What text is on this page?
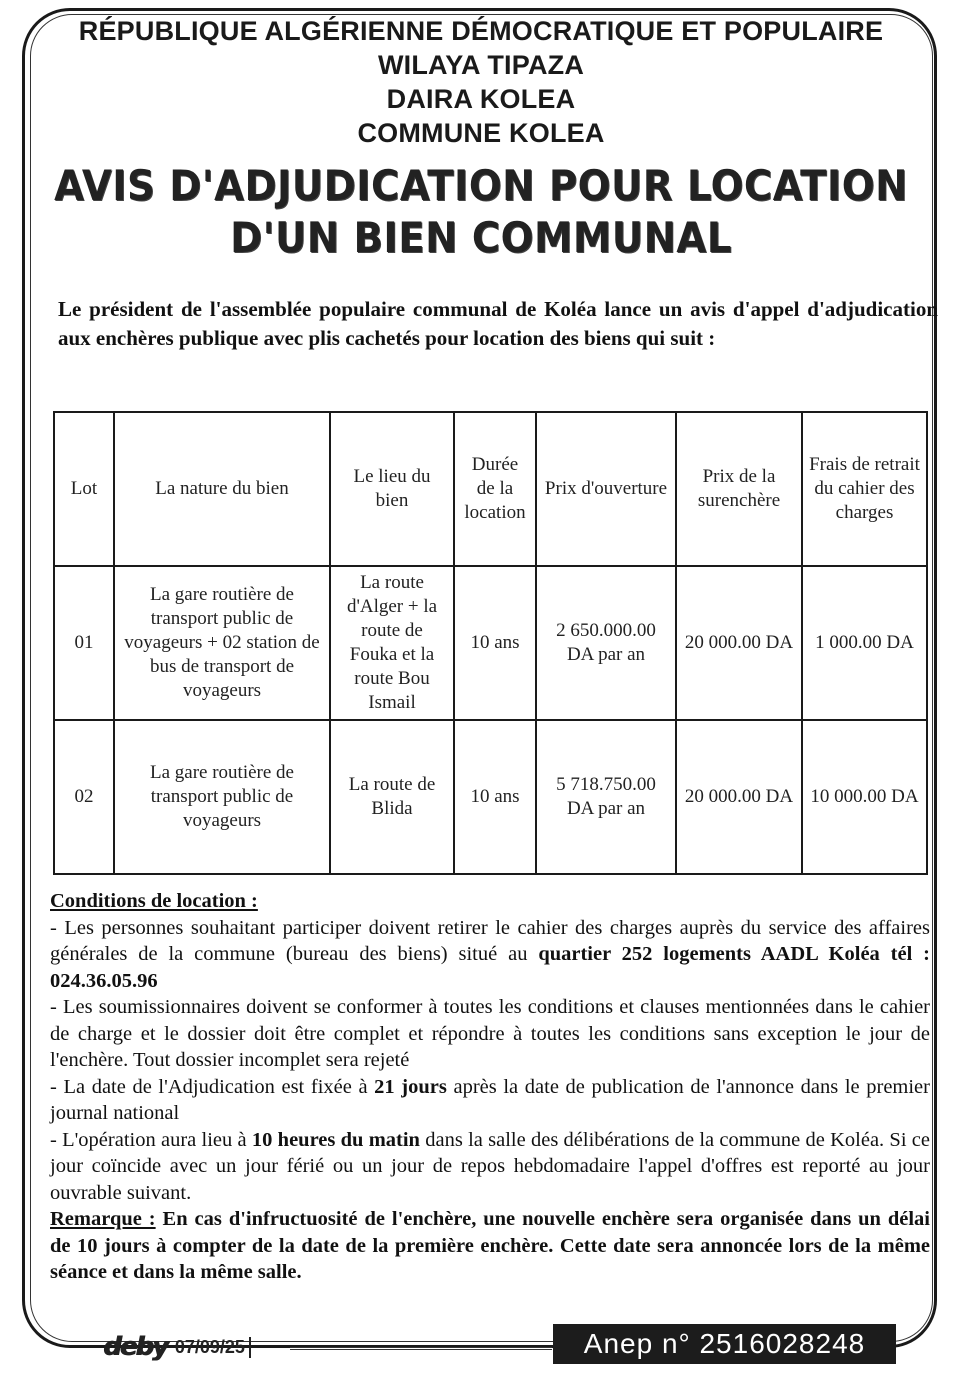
RÉPUBLIQUE ALGÉRIENNE DÉMOCRATIQUE ET POPULAIRE
WILAYA TIPAZA
DAIRA KOLEA
COMMUNE KOLEA
AVIS D'ADJUDICATION POUR LOCATION
D'UN BIEN COMMUNAL
Le président de l'assemblée populaire communal de Koléa lance un avis d'appel d'adjudication aux enchères publique avec plis cachetés pour location des biens qui suit :
Lot	La nature du bien	Le lieu du bien	Durée de la location	Prix d'ouverture	Prix de la surenchère	Frais de retrait du cahier des charges
01	La gare routière de transport public de voyageurs + 02 station de bus de transport de voyageurs	La route d'Alger + la route de Fouka et la route Bou Ismail	10 ans	2 650.000.00 DA par an	20 000.00 DA	1 000.00 DA
02	La gare routière de transport public de voyageurs	La route de Blida	10 ans	5 718.750.00 DA par an	20 000.00 DA	10 000.00 DA
Conditions de location :
- Les personnes souhaitant participer doivent retirer le cahier des charges auprès du service des affaires générales de la commune (bureau des biens) situé au quartier 252 logements AADL Koléa tél : 024.36.05.96
- Les soumissionnaires doivent se conformer à toutes les conditions et clauses mentionnées dans le cahier de charge et le dossier doit être complet et répondre à toutes les conditions sans exception le jour de l'enchère. Tout dossier incomplet sera rejeté
- La date de l'Adjudication est fixée à 21 jours après la date de publication de l'annonce dans le premier journal national
- L'opération aura lieu à 10 heures du matin dans la salle des délibérations de la commune de Koléa. Si ce jour coïncide avec un jour férié ou un jour de repos hebdomadaire l'appel d'offres est reporté au jour ouvrable suivant.
Remarque : En cas d'infructuosité de l'enchère, une nouvelle enchère sera organisée dans un délai de 10 jours à compter de la date de la première enchère. Cette date sera annoncée lors de la même séance et dans la même salle.
deby 07/09/25	Anep n° 2516028248
